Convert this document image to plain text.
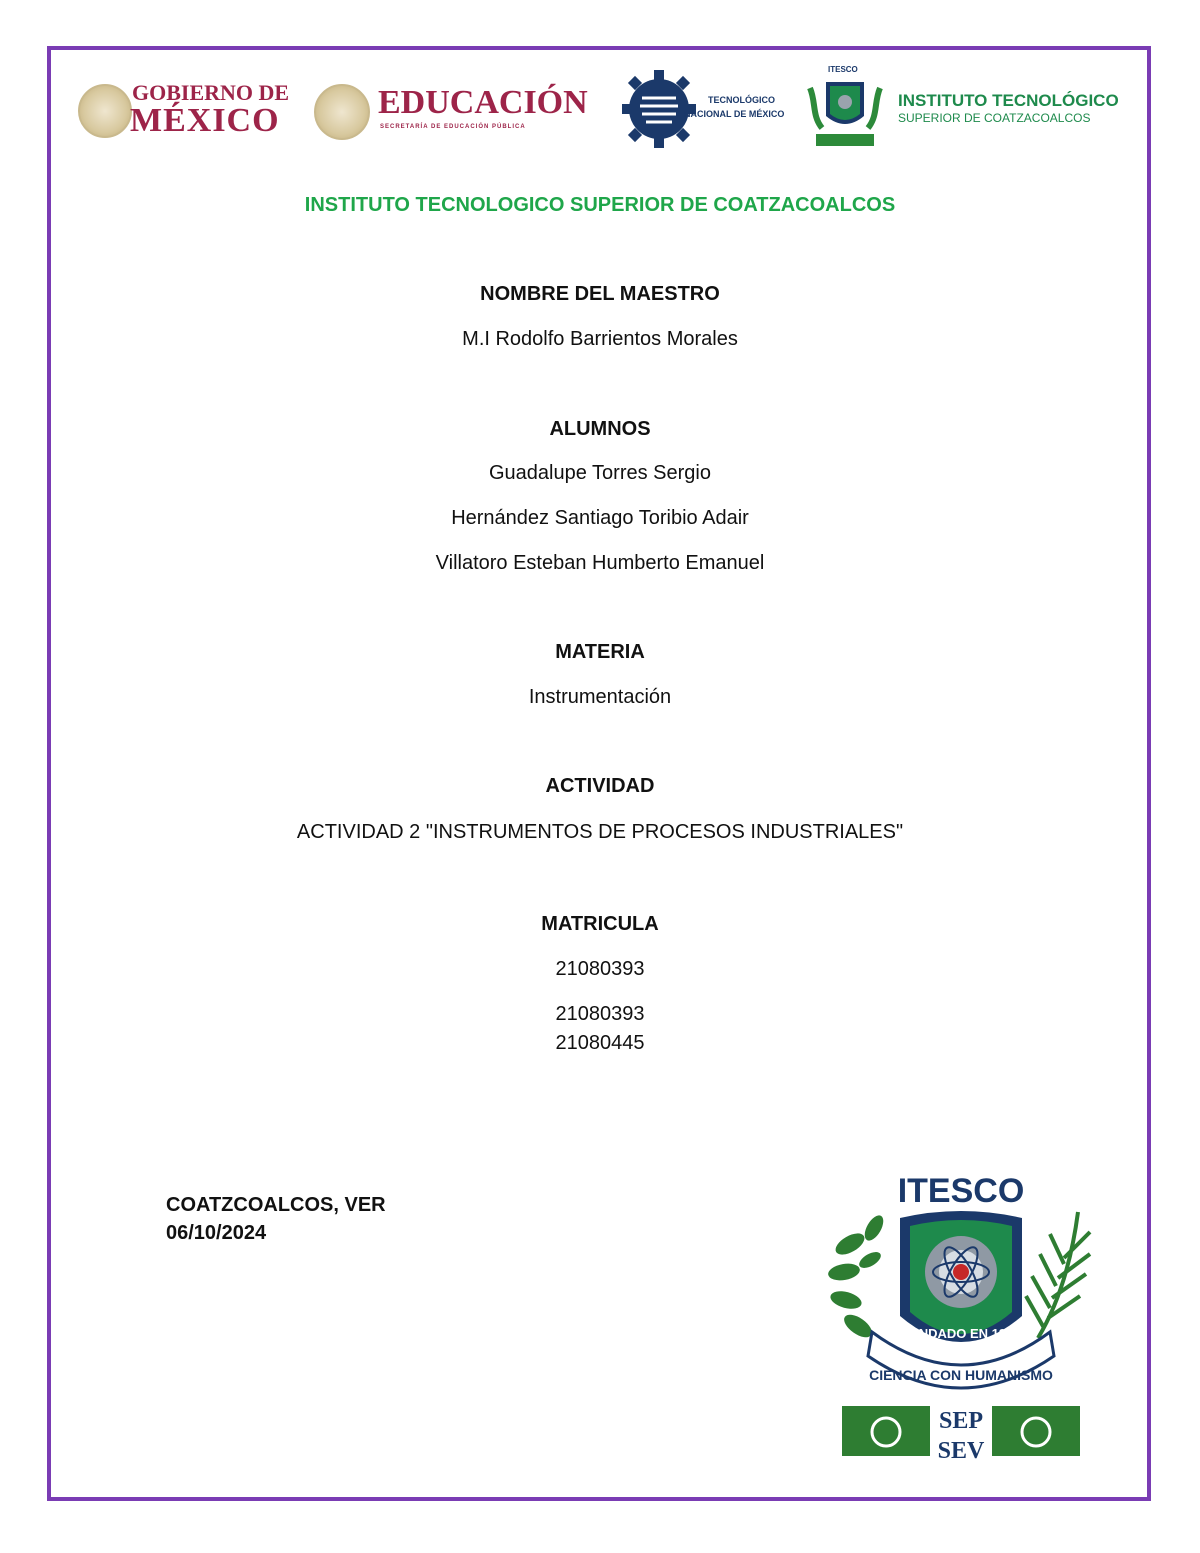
GOBIERNO DE
MÉXICO	EDUCACIÓN
SECRETARÍA DE EDUCACIÓN PÚBLICA
TECNOLÓGICO
NACIONAL DE MÉXICO
ITESCO
INSTITUTO TECNOLÓGICO
SUPERIOR DE COATZACOALCOS
INSTITUTO TECNOLOGICO SUPERIOR DE COATZACOALCOS
NOMBRE DEL MAESTRO
M.I Rodolfo Barrientos Morales
ALUMNOS
Guadalupe Torres Sergio
Hernández Santiago Toribio Adair
Villatoro Esteban Humberto Emanuel
MATERIA
Instrumentación
ACTIVIDAD
ACTIVIDAD 2 "INSTRUMENTOS DE PROCESOS INDUSTRIALES"
MATRICULA
21080393
21080393
21080445
COATZCOALCOS, VER
06/10/2024
ITESCO
FUNDADO EN 1999
CIENCIA CON HUMANISMO
SEP
SEV
